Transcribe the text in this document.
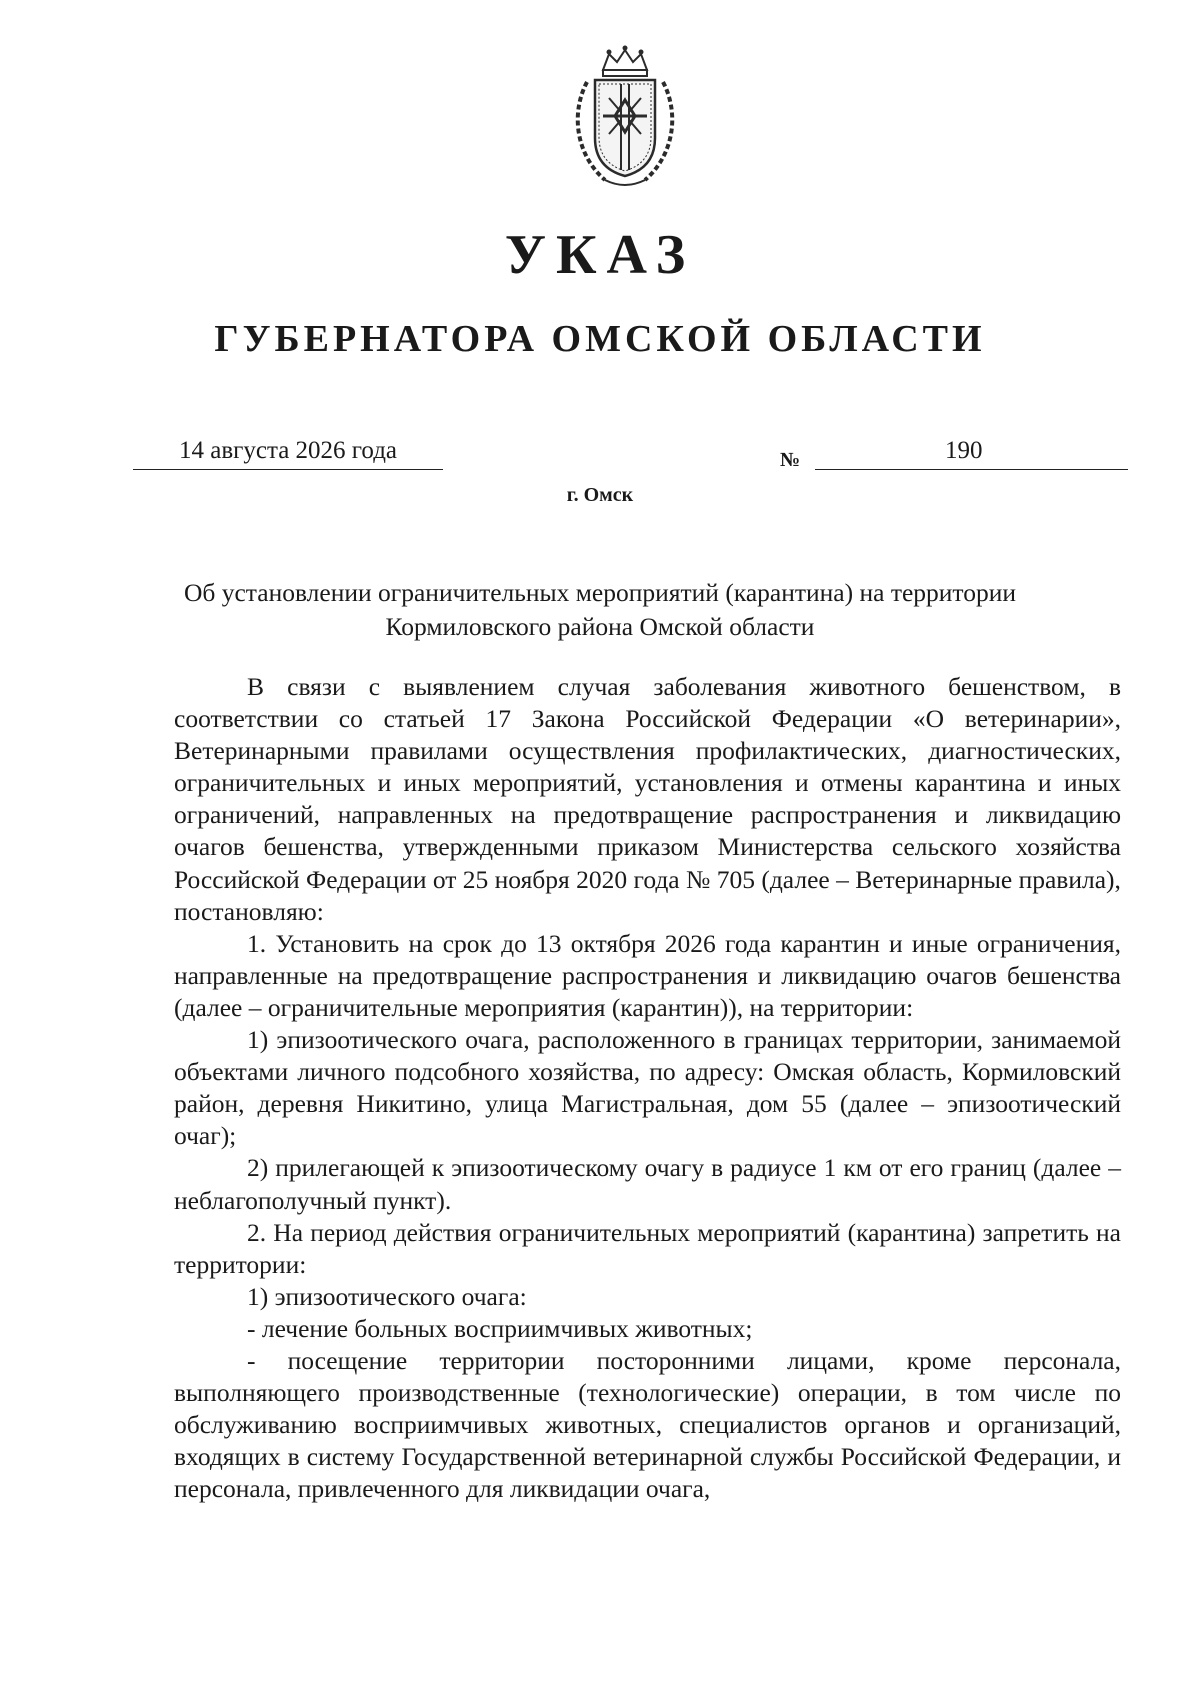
УКАЗ
ГУБЕРНАТОРА ОМСКОЙ ОБЛАСТИ
14 августа 2026 года	№	190
г. Омск
Об установлении ограничительных мероприятий (карантина) на территории
Кормиловского района Омской области

В связи с выявлением случая заболевания животного бешенством, в соответствии со статьей 17 Закона Российской Федерации «О ветеринарии», Ветеринарными правилами осуществления профилактических, диагностических, ограничительных и иных мероприятий, установления и отмены карантина и иных ограничений, направленных на предотвращение распространения и ликвидацию очагов бешенства, утвержденными приказом Министерства сельского хозяйства Российской Федерации от 25 ноября 2020 года № 705 (далее – Ветеринарные правила),

постановляю:

1. Установить на срок до 13 октября 2026 года карантин и иные ограничения, направленные на предотвращение распространения и ликвидацию очагов бешенства (далее – ограничительные мероприятия (карантин)), на территории:

1) эпизоотического очага, расположенного в границах территории, занимаемой объектами личного подсобного хозяйства, по адресу: Омская область, Кормиловский район, деревня Никитино, улица Магистральная, дом 55 (далее – эпизоотический очаг);

2) прилегающей к эпизоотическому очагу в радиусе 1 км от его границ (далее – неблагополучный пункт).

2. На период действия ограничительных мероприятий (карантина) запретить на территории:

1) эпизоотического очага:

- лечение больных восприимчивых животных;

- посещение территории посторонними лицами, кроме персонала, выполняющего производственные (технологические) операции, в том числе по обслуживанию восприимчивых животных, специалистов органов и организаций, входящих в систему Государственной ветеринарной службы Российской Федерации, и персонала, привлеченного для ликвидации очага,
